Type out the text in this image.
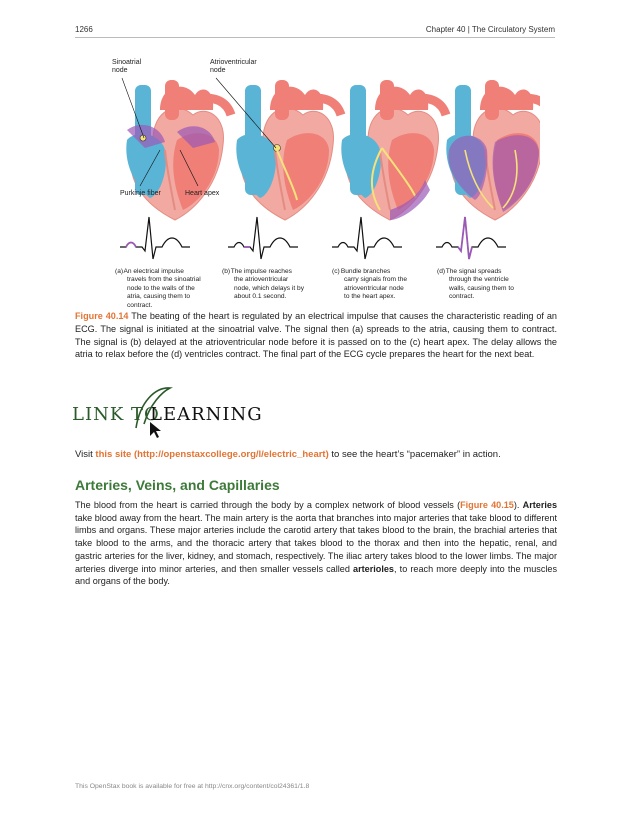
1266	Chapter 40 | The Circulatory System
Sinoatrial
node
Atrioventricular
node
Purkinje fiber	Heart apex
(a) An electrical impulse
travels from the sinoatrial
node to the walls of the
atria, causing them to
contract.
(b) The impulse reaches
the atrioventricular
node, which delays it by
about 0.1 second.
(c) Bundle branches
carry signals from the
atrioventricular node
to the heart apex.
(d) The signal spreads
through the ventricle
walls, causing them to
contract.
Figure 40.14 The beating of the heart is regulated by an electrical impulse that causes the characteristic reading of an ECG. The signal is initiated at the sinoatrial valve. The signal then (a) spreads to the atria, causing them to contract. The signal is (b) delayed at the atrioventricular node before it is passed on to the (c) heart apex. The delay allows the atria to relax before the (d) ventricles contract. The final part of the ECG cycle prepares the heart for the next beat.
LINK TO
LEARNING
Visit this site (http://openstaxcollege.org/l/electric_heart) to see the heart’s “pacemaker” in action.
Arteries, Veins, and Capillaries
The blood from the heart is carried through the body by a complex network of blood vessels (Figure 40.15). Arteries take blood away from the heart. The main artery is the aorta that branches into major arteries that take blood to different limbs and organs. These major arteries include the carotid artery that takes blood to the brain, the brachial arteries that take blood to the arms, and the thoracic artery that takes blood to the thorax and then into the hepatic, renal, and gastric arteries for the liver, kidney, and stomach, respectively. The iliac artery takes blood to the lower limbs. The major arteries diverge into minor arteries, and then smaller vessels called arterioles, to reach more deeply into the muscles and organs of the body.
This OpenStax book is available for free at http://cnx.org/content/col24361/1.8
